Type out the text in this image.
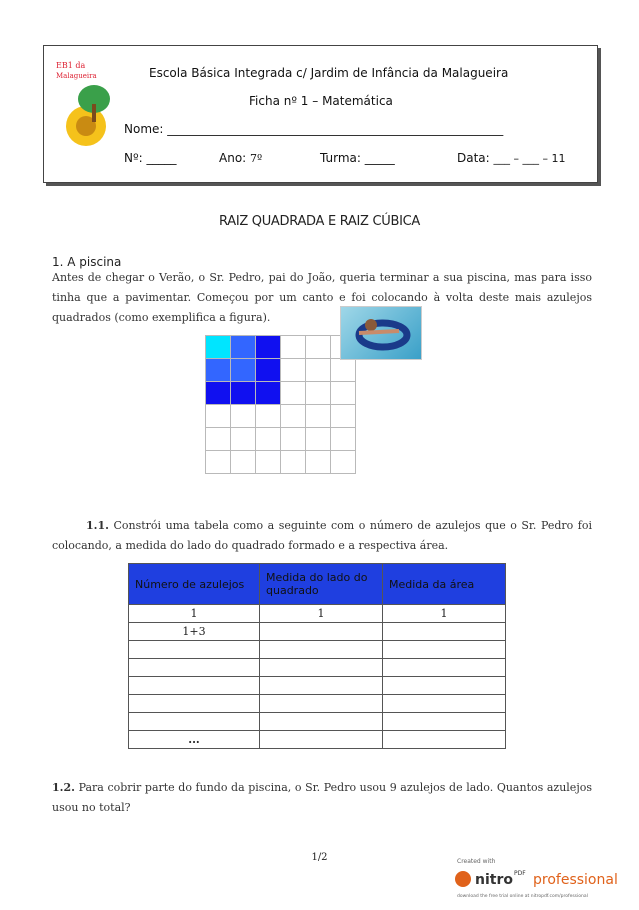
EB1 da
Malagueira	Escola Básica Integrada c/ Jardim de Infância da Malagueira
Ficha nº 1 – Matemática
Nome: ________________________________________________________
Nº: _____	Ano: 7º	Turma: _____	Data: ___ – ___ – 11
RAIZ QUADRADA E RAIZ CÚBICA
1. A piscina
Antes de chegar o Verão, o Sr. Pedro, pai do João, queria terminar a sua piscina, mas para isso tinha que a pavimentar. Começou por um canto e foi colocando à volta deste mais azulejos quadrados (como exemplifica a figura).

1.1. Constrói uma tabela como a seguinte com o número de azulejos que o Sr. Pedro foi colocando, a medida do lado do quadrado formado e a respectiva área.
Número de azulejos	Medida do lado do quadrado	Medida da área
1	1	1
1+3		

...		
1.2. Para cobrir parte do fundo da piscina, o Sr. Pedro usou 9 azulejos de lado. Quantos azulejos usou no total?
1/2	Created with
nitro PDF professional
download the free trial online at nitropdf.com/professional
